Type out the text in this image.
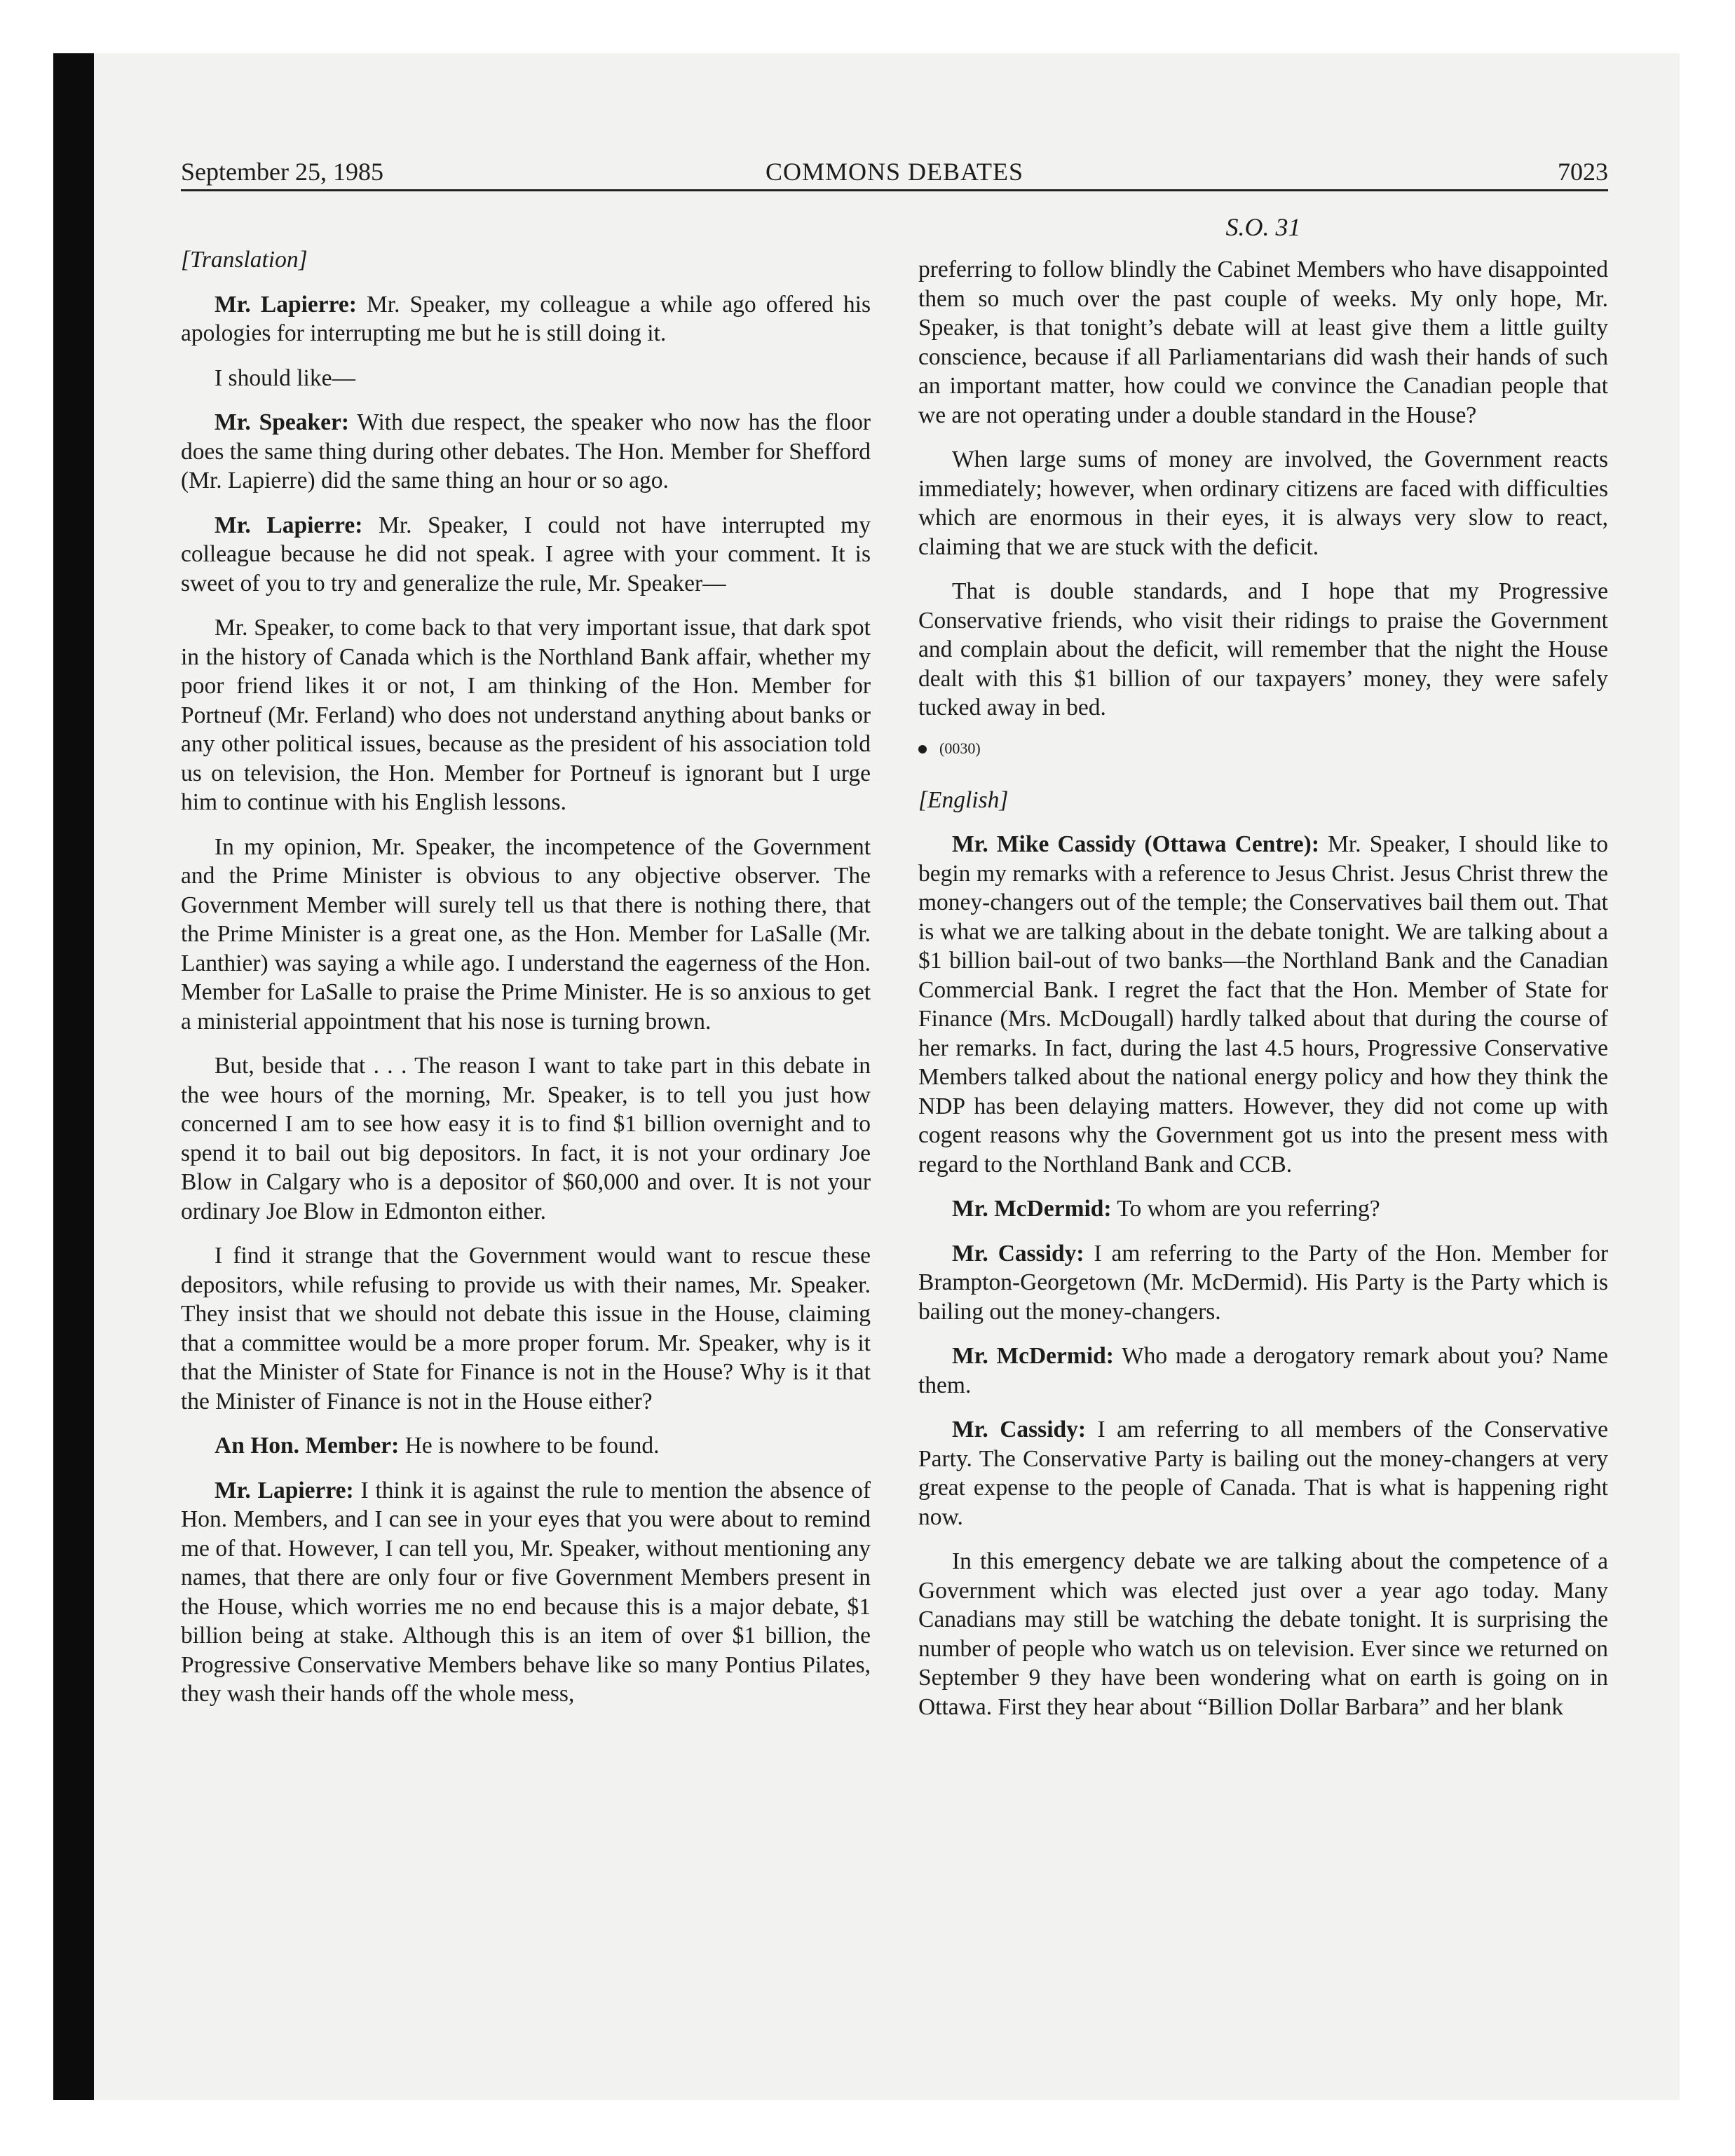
September 25, 1985	COMMONS DEBATES	7023
S.O. 31

[Translation]

Mr. Lapierre: Mr. Speaker, my colleague a while ago offered his apologies for interrupting me but he is still doing it.

I should like—

Mr. Speaker: With due respect, the speaker who now has the floor does the same thing during other debates. The Hon. Member for Shefford (Mr. Lapierre) did the same thing an hour or so ago.

Mr. Lapierre: Mr. Speaker, I could not have interrupted my colleague because he did not speak. I agree with your comment. It is sweet of you to try and generalize the rule, Mr. Speaker—

Mr. Speaker, to come back to that very important issue, that dark spot in the history of Canada which is the Northland Bank affair, whether my poor friend likes it or not, I am thinking of the Hon. Member for Portneuf (Mr. Ferland) who does not understand anything about banks or any other political issues, because as the president of his association told us on television, the Hon. Member for Portneuf is ignorant but I urge him to continue with his English lessons.

In my opinion, Mr. Speaker, the incompetence of the Government and the Prime Minister is obvious to any objective observer. The Government Member will surely tell us that there is nothing there, that the Prime Minister is a great one, as the Hon. Member for LaSalle (Mr. Lanthier) was saying a while ago. I understand the eagerness of the Hon. Member for LaSalle to praise the Prime Minister. He is so anxious to get a ministerial appointment that his nose is turning brown.

But, beside that . . . The reason I want to take part in this debate in the wee hours of the morning, Mr. Speaker, is to tell you just how concerned I am to see how easy it is to find $1 billion overnight and to spend it to bail out big depositors. In fact, it is not your ordinary Joe Blow in Calgary who is a depositor of $60,000 and over. It is not your ordinary Joe Blow in Edmonton either.

I find it strange that the Government would want to rescue these depositors, while refusing to provide us with their names, Mr. Speaker. They insist that we should not debate this issue in the House, claiming that a committee would be a more proper forum. Mr. Speaker, why is it that the Minister of State for Finance is not in the House? Why is it that the Minister of Finance is not in the House either?

An Hon. Member: He is nowhere to be found.

Mr. Lapierre: I think it is against the rule to mention the absence of Hon. Members, and I can see in your eyes that you were about to remind me of that. However, I can tell you, Mr. Speaker, without mentioning any names, that there are only four or five Government Members present in the House, which worries me no end because this is a major debate, $1 billion being at stake. Although this is an item of over $1 billion, the Progressive Conservative Members behave like so many Pontius Pilates, they wash their hands off the whole mess,

preferring to follow blindly the Cabinet Members who have disappointed them so much over the past couple of weeks. My only hope, Mr. Speaker, is that tonight’s debate will at least give them a little guilty conscience, because if all Parliamentarians did wash their hands of such an important matter, how could we convince the Canadian people that we are not operating under a double standard in the House?

When large sums of money are involved, the Government reacts immediately; however, when ordinary citizens are faced with difficulties which are enormous in their eyes, it is always very slow to react, claiming that we are stuck with the deficit.

That is double standards, and I hope that my Progressive Conservative friends, who visit their ridings to praise the Government and complain about the deficit, will remember that the night the House dealt with this $1 billion of our taxpayers’ money, they were safely tucked away in bed.

(0030)

[English]

Mr. Mike Cassidy (Ottawa Centre): Mr. Speaker, I should like to begin my remarks with a reference to Jesus Christ. Jesus Christ threw the money-changers out of the temple; the Conservatives bail them out. That is what we are talking about in the debate tonight. We are talking about a $1 billion bail-out of two banks—the Northland Bank and the Canadian Commercial Bank. I regret the fact that the Hon. Member of State for Finance (Mrs. McDougall) hardly talked about that during the course of her remarks. In fact, during the last 4.5 hours, Progressive Conservative Members talked about the national energy policy and how they think the NDP has been delaying matters. However, they did not come up with cogent reasons why the Government got us into the present mess with regard to the Northland Bank and CCB.

Mr. McDermid: To whom are you referring?

Mr. Cassidy: I am referring to the Party of the Hon. Member for Brampton-Georgetown (Mr. McDermid). His Party is the Party which is bailing out the money-changers.

Mr. McDermid: Who made a derogatory remark about you? Name them.

Mr. Cassidy: I am referring to all members of the Conservative Party. The Conservative Party is bailing out the money-changers at very great expense to the people of Canada. That is what is happening right now.

In this emergency debate we are talking about the competence of a Government which was elected just over a year ago today. Many Canadians may still be watching the debate tonight. It is surprising the number of people who watch us on television. Ever since we returned on September 9 they have been wondering what on earth is going on in Ottawa. First they hear about “Billion Dollar Barbara” and her blank
